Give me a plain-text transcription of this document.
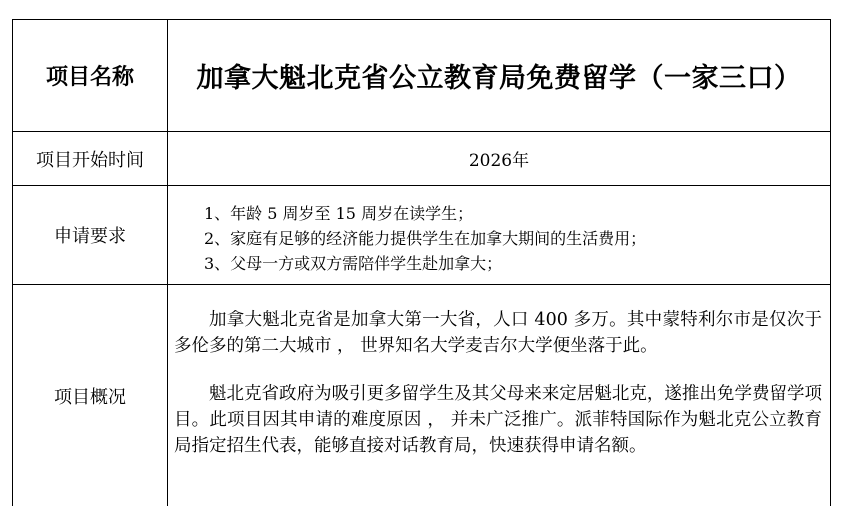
项目名称	加拿大魁北克省公立教育局免费留学（一家三口）
项目开始时间	2026年
申请要求
1、年龄 5 周岁至 15 周岁在读学生；
2、家庭有足够的经济能力提供学生在加拿大期间的生活费用；
3、父母一方或双方需陪伴学生赴加拿大；
项目概况

加拿大魁北克省是加拿大第一大省，人口 400 多万。其中蒙特利尔市是仅次于多伦多的第二大城市 ， 世界知名大学麦吉尔大学便坐落于此。

魁北克省政府为吸引更多留学生及其父母来来定居魁北克，遂推出免学费留学项目。此项目因其申请的难度原因 ， 并未广泛推广。派菲特国际作为魁北克公立教育局指定招生代表，能够直接对话教育局，快速获得申请名额。
